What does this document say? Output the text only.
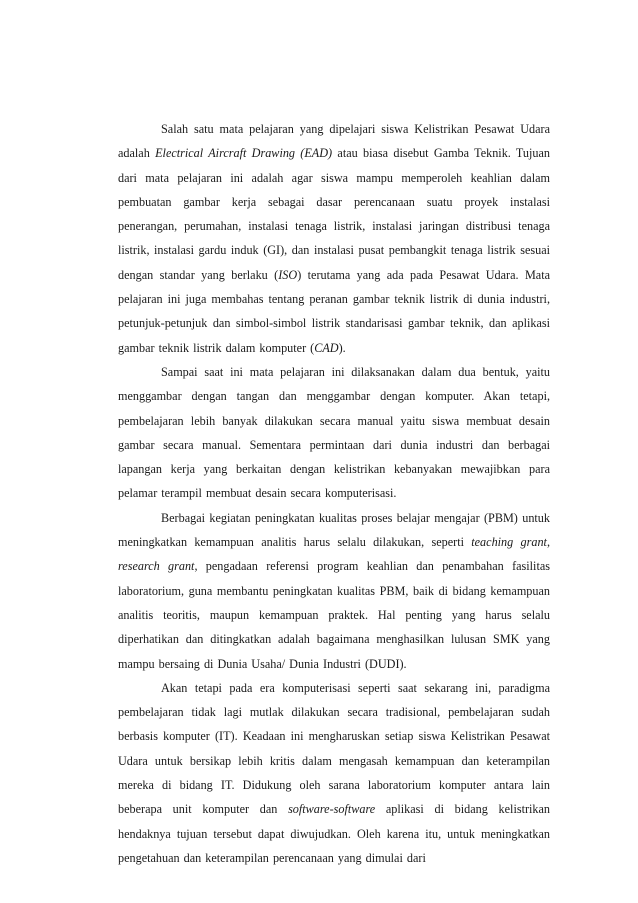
Salah satu mata pelajaran yang dipelajari siswa Kelistrikan Pesawat Udara adalah Electrical Aircraft Drawing (EAD) atau biasa disebut Gamba Teknik. Tujuan dari mata pelajaran ini adalah agar siswa mampu memperoleh keahlian dalam pembuatan gambar kerja sebagai dasar perencanaan suatu proyek instalasi penerangan, perumahan, instalasi tenaga listrik, instalasi jaringan distribusi tenaga listrik, instalasi gardu induk (GI), dan instalasi pusat pembangkit tenaga listrik sesuai dengan standar yang berlaku (ISO) terutama yang ada pada Pesawat Udara. Mata pelajaran ini juga membahas tentang peranan gambar teknik listrik di dunia industri, petunjuk-petunjuk dan simbol-simbol listrik standarisasi gambar teknik, dan aplikasi gambar teknik listrik dalam komputer (CAD).

Sampai saat ini mata pelajaran ini dilaksanakan dalam dua bentuk, yaitu menggambar dengan tangan dan menggambar dengan komputer. Akan tetapi, pembelajaran lebih banyak dilakukan secara manual yaitu siswa membuat desain gambar secara manual. Sementara permintaan dari dunia industri dan berbagai lapangan kerja yang berkaitan dengan kelistrikan kebanyakan mewajibkan para pelamar terampil membuat desain secara komputerisasi.

Berbagai kegiatan peningkatan kualitas proses belajar mengajar (PBM) untuk meningkatkan kemampuan analitis harus selalu dilakukan, seperti teaching grant, research grant, pengadaan referensi program keahlian dan penambahan fasilitas laboratorium, guna membantu peningkatan kualitas PBM, baik di bidang kemampuan analitis teoritis, maupun kemampuan praktek. Hal penting yang harus selalu diperhatikan dan ditingkatkan adalah bagaimana menghasilkan lulusan SMK yang mampu bersaing di Dunia Usaha/ Dunia Industri (DUDI).

Akan tetapi pada era komputerisasi seperti saat sekarang ini, paradigma pembelajaran tidak lagi mutlak dilakukan secara tradisional, pembelajaran sudah berbasis komputer (IT). Keadaan ini mengharuskan setiap siswa Kelistrikan Pesawat Udara untuk bersikap lebih kritis dalam mengasah kemampuan dan keterampilan mereka di bidang IT. Didukung oleh sarana laboratorium komputer antara lain beberapa unit komputer dan software-software aplikasi di bidang kelistrikan hendaknya tujuan tersebut dapat diwujudkan. Oleh karena itu, untuk meningkatkan pengetahuan dan keterampilan perencanaan yang dimulai dari
